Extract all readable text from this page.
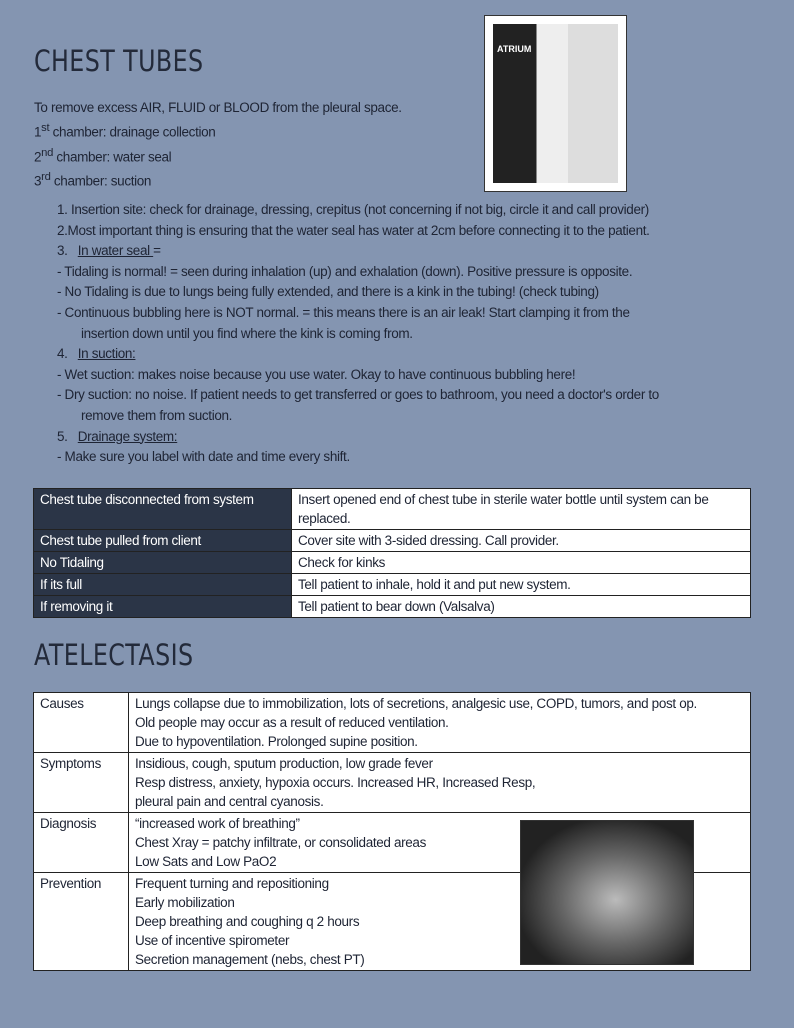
CHEST TUBES	ATRIUM
To remove excess AIR, FLUID or BLOOD from the pleural space.
1st chamber: drainage collection
2nd chamber: water seal
3rd chamber: suction
1. Insertion site: check for drainage, dressing, crepitus (not concerning if not big, circle it and call provider)
2.Most important thing is ensuring that the water seal has water at 2cm before connecting it to the patient.
3. In water seal =
- Tidaling is normal! = seen during inhalation (up) and exhalation (down). Positive pressure is opposite.
- No Tidaling is due to lungs being fully extended, and there is a kink in the tubing! (check tubing)
- Continuous bubbling here is NOT normal. = this means there is an air leak! Start clamping it from the
insertion down until you find where the kink is coming from.
4. In suction:
- Wet suction: makes noise because you use water. Okay to have continuous bubbling here!
- Dry suction: no noise. If patient needs to get transferred or goes to bathroom, you need a doctor's order to
remove them from suction.
5. Drainage system:
- Make sure you label with date and time every shift.
Chest tube disconnected from system	Insert opened end of chest tube in sterile water bottle until system can be replaced.
Chest tube pulled from client	Cover site with 3-sided dressing. Call provider.
No Tidaling	Check for kinks
If its full	Tell patient to inhale, hold it and put new system.
If removing it	Tell patient to bear down (Valsalva)
ATELECTASIS
Causes	Lungs collapse due to immobilization, lots of secretions, analgesic use, COPD, tumors, and post op.
Old people may occur as a result of reduced ventilation.
Due to hypoventilation. Prolonged supine position.

Symptoms	Insidious, cough, sputum production, low grade fever
Resp distress, anxiety, hypoxia occurs. Increased HR, Increased Resp,
pleural pain and central cyanosis.

Diagnosis	“increased work of breathing”
Chest Xray = patchy infiltrate, or consolidated areas
Low Sats and Low PaO2

Prevention	Frequent turning and repositioning
Early mobilization
Deep breathing and coughing q 2 hours
Use of incentive spirometer
Secretion management (nebs, chest PT)
